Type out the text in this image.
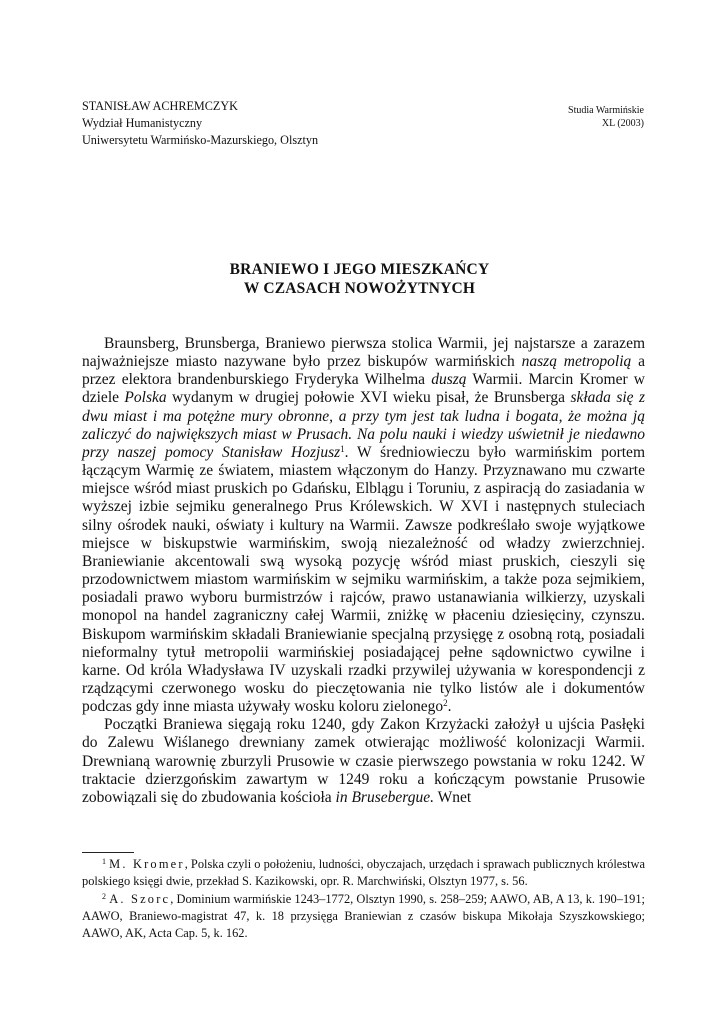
STANISŁAW ACHREMCZYK
Wydział Humanistyczny
Uniwersytetu Warmińsko-Mazurskiego, Olsztyn
Studia Warmińskie
XL (2003)
BRANIEWO I JEGO MIESZKAŃCY
W CZASACH NOWOŻYTNYCH

Braunsberg, Brunsberga, Braniewo pierwsza stolica Warmii, jej najstarsze a zarazem najważniejsze miasto nazywane było przez biskupów warmińskich naszą metropolią a przez elektora brandenburskiego Fryderyka Wilhelma duszą Warmii. Marcin Kromer w dziele Polska wydanym w drugiej połowie XVI wieku pisał, że Brunsberga składa się z dwu miast i ma potężne mury obronne, a przy tym jest tak ludna i bogata, że można ją zaliczyć do największych miast w Prusach. Na polu nauki i wiedzy uświetnił je niedawno przy naszej pomocy Stanisław Hozjusz$^1$. W średniowieczu było warmińskim portem łączącym Warmię ze światem, miastem włączonym do Hanzy. Przyznawano mu czwarte miejsce wśród miast pruskich po Gdańsku, Elblągu i Toruniu, z aspiracją do zasiadania w wyższej izbie sejmiku generalnego Prus Królewskich. W XVI i następnych stuleciach silny ośrodek nauki, oświaty i kultury na Warmii. Zawsze podkreślało swoje wyjątkowe miejsce w biskupstwie warmińskim, swoją niezależność od władzy zwierzchniej. Braniewianie akcentowali swą wysoką pozycję wśród miast pruskich, cieszyli się przodownictwem miastom warmińskim w sejmiku warmińskim, a także poza sejmikiem, posiadali prawo wyboru burmistrzów i rajców, prawo ustanawiania wilkierzy, uzyskali monopol na handel zagraniczny całej Warmii, zniżkę w płaceniu dziesięciny, czynszu. Biskupom warmińskim składali Braniewianie specjalną przysięgę z osobną rotą, posiadali nieformalny tytuł metropolii warmińskiej posiadającej pełne sądownictwo cywilne i karne. Od króla Władysława IV uzyskali rzadki przywilej używania w korespondencji z rządzącymi czerwonego wosku do pieczętowania nie tylko listów ale i dokumentów podczas gdy inne miasta używały wosku koloru zielonego$^2$.

Początki Braniewa sięgają roku 1240, gdy Zakon Krzyżacki założył u ujścia Pasłęki do Zalewu Wiślanego drewniany zamek otwierając możliwość kolonizacji Warmii. Drewnianą warownię zburzyli Prusowie w czasie pierwszego powstania w roku 1242. W traktacie dzierzgońskim zawartym w 1249 roku a kończącym powstanie Prusowie zobowiązali się do zbudowania kościoła in Brusebergue. Wnet

$^1$ M. Kromer, Polska czyli o położeniu, ludności, obyczajach, urzędach i sprawach publicznych królestwa polskiego księgi dwie, przekład S. Kazikowski, opr. R. Marchwiński, Olsztyn 1977, s. 56.

$^2$ A. Szorc, Dominium warmińskie 1243–1772, Olsztyn 1990, s. 258–259; AAWO, AB, A 13, k. 190–191; AAWO, Braniewo-magistrat 47, k. 18 przysięga Braniewian z czasów biskupa Mikołaja Szyszkowskiego; AAWO, AK, Acta Cap. 5, k. 162.
